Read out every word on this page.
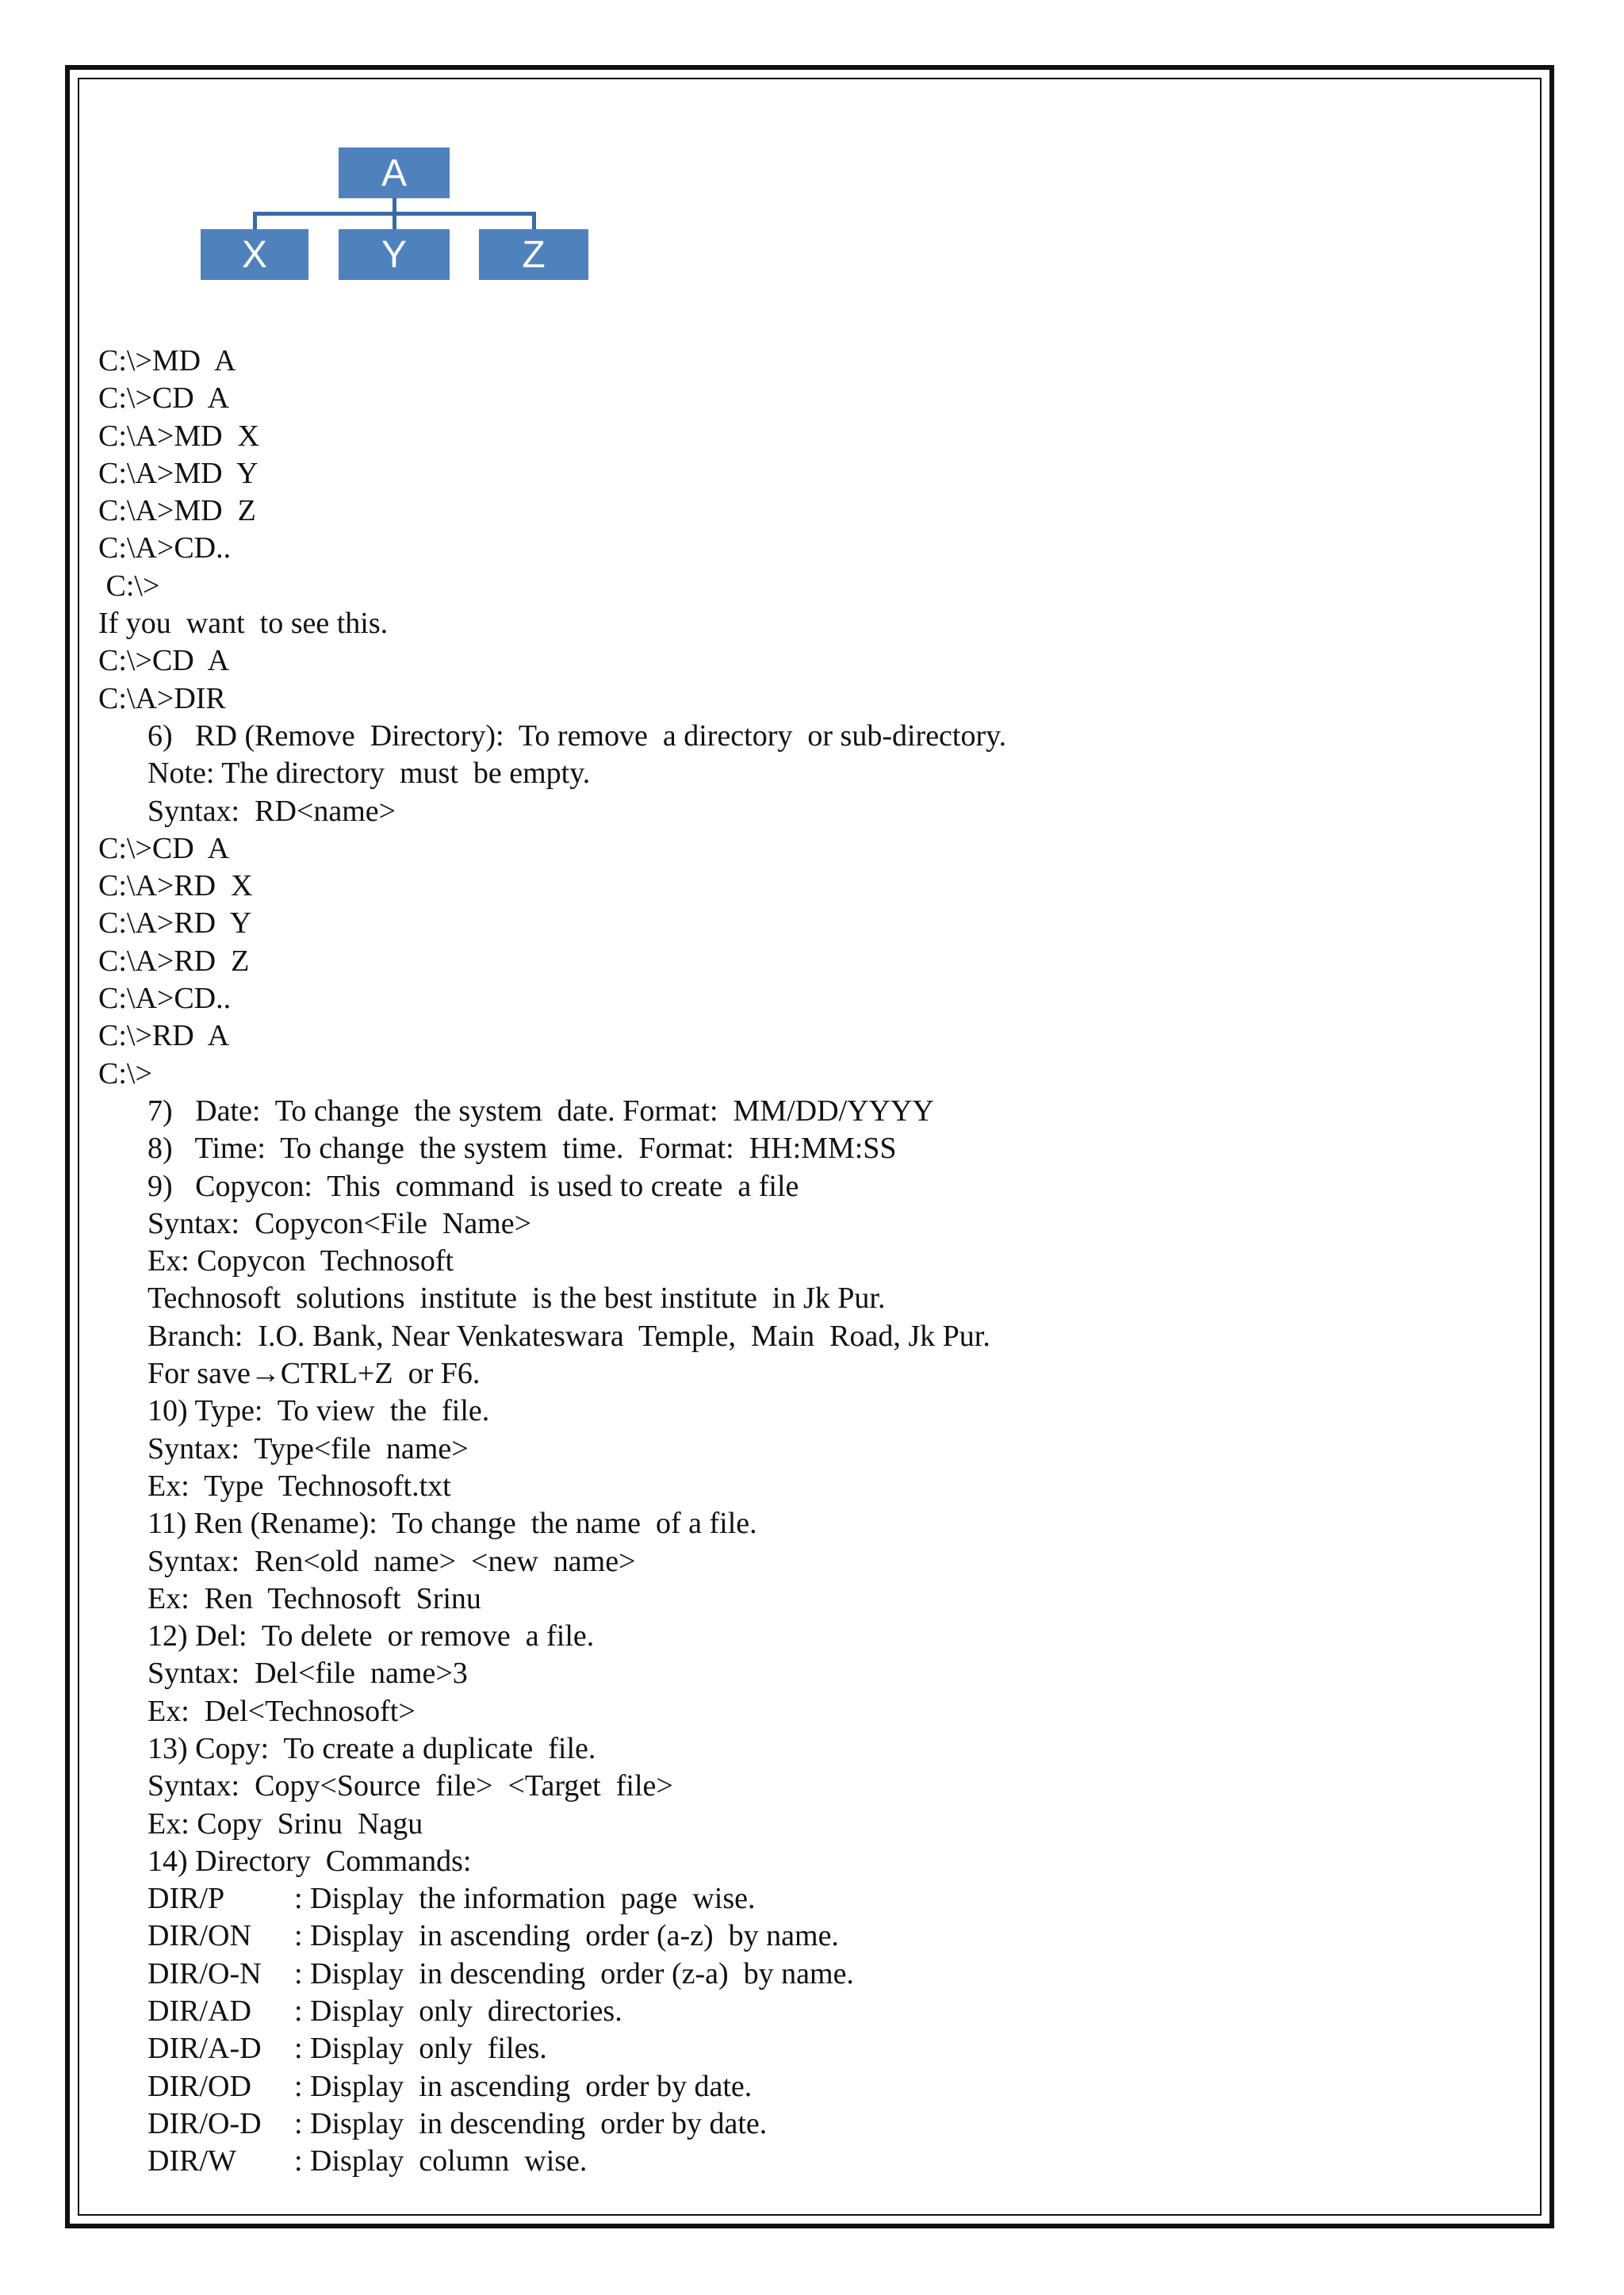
A
X	Y	Z
C:\>MD  A
C:\>CD  A
C:\A>MD  X
C:\A>MD  Y
C:\A>MD  Z
C:\A>CD..
C:\>
If you  want  to see this.
C:\>CD  A
C:\A>DIR
6)   RD (Remove  Directory):  To remove  a directory  or sub-directory.
Note: The directory  must  be empty.
Syntax:  RD<name>
C:\>CD  A
C:\A>RD  X
C:\A>RD  Y
C:\A>RD  Z
C:\A>CD..
C:\>RD  A
C:\>
7)   Date:  To change  the system  date. Format:  MM/DD/YYYY
8)   Time:  To change  the system  time.  Format:  HH:MM:SS
9)   Copycon:  This  command  is used to create  a file
Syntax:  Copycon<File  Name>
Ex: Copycon  Technosoft
Technosoft  solutions  institute  is the best institute  in Jk Pur.
Branch:  I.O. Bank, Near Venkateswara  Temple,  Main  Road, Jk Pur.
For save→CTRL+Z  or F6.
10) Type:  To view  the  file.
Syntax:  Type<file  name>
Ex:  Type  Technosoft.txt
11) Ren (Rename):  To change  the name  of a file.
Syntax:  Ren<old  name>  <new  name>
Ex:  Ren  Technosoft  Srinu
12) Del:  To delete  or remove  a file.
Syntax:  Del<file  name>3
Ex:  Del<Technosoft>
13) Copy:  To create a duplicate  file.
Syntax:  Copy<Source  file>  <Target  file>
Ex: Copy  Srinu  Nagu
14) Directory  Commands:
DIR/P : Display  the information  page  wise.
DIR/ON : Display  in ascending  order (a-z)  by name.
DIR/O-N : Display  in descending  order (z-a)  by name.
DIR/AD : Display  only  directories.
DIR/A-D : Display  only  files.
DIR/OD : Display  in ascending  order by date.
DIR/O-D : Display  in descending  order by date.
DIR/W : Display  column  wise.
